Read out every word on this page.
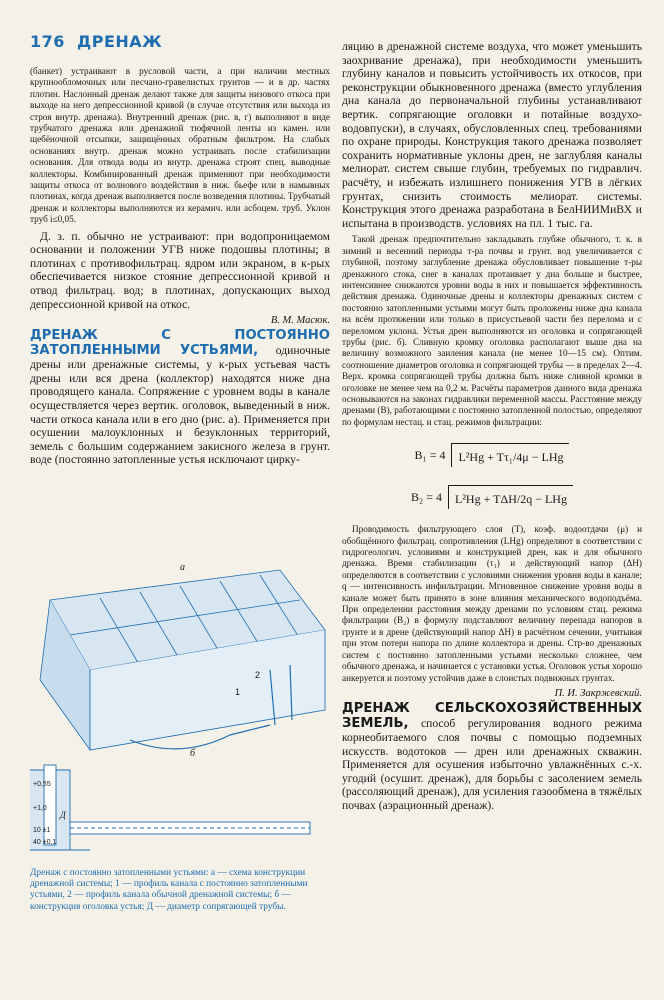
176 ДРЕНАЖ

(банкет) устраивают в русловой части, а при наличии местных крупнообломочных или песчано-гравелистых грунтов — и в др. частях плотин. Наслонный дренаж делают также для защиты низового откоса при выходе на него депрессионной кривой (в случае отсутствия или выхода из строя внутр. дренажа). Внутренний дренаж (рис. в, г) выполняют в виде трубчатого дренажа или дренажной тюфячной ленты из камен. или щебёночной отсыпки, защищённых обратным фильтром. На слабых основаниях внутр. дренаж можно устраивать после стабилизации основания. Для отвода воды из внутр. дренажа строят спец. выводные коллекторы. Комбинированный дренаж применяют при необходимости защиты откоса от волнового воздействия в ниж. бьефе или в намывных плотинах, когда дренаж выполняется после возведения плотины. Трубчатый дренаж и коллекторы выполняются из керамич. или асбоцем. труб. Уклон труб i≤0,05.

Д. з. п. обычно не устраивают: при водопроницаемом основании и положении УГВ ниже подошвы плотины; в плотинах с противофильтрац. ядром или экраном, в к-рых обеспечивается низкое стояние депрессионной кривой и отвод фильтрац. вод; в плотинах, допускающих выход депрессионной кривой на откос.

В. М. Масюк.

ДРЕНАЖ С ПОСТОЯННО ЗАТОПЛЕННЫМИ УСТЬЯМИ, одиночные дрены или дренажные системы, у к-рых устьевая часть дрены или вся дрена (коллектор) находятся ниже дна проводящего канала. Сопряжение с уровнем воды в канале осуществляется через вертик. оголовок, выведенный в ниж. части откоса канала или в его дно (рис. а). Применяется при осушении малоуклонных и безуклонных территорий, земель с большим содержанием закисного железа в грунт. воде (постоянно затопленные устья исключают цирку-

а
1
2
б
+0,55
+1,0
10 ±1
40 ±0,1
Д
Дренаж с постоянно затопленными устьями: а — схема конструкции дренажной системы; 1 — профиль канала с постоянно затопленными устьями, 2 — профиль канала обычной дренажной системы; б — конструкция оголовка устья; Д — диаметр сопрягающей трубы.

ляцию в дренажной системе воздуха, что может уменьшить заохривание дренажа), при необходимости уменьшить глубину каналов и повысить устойчивость их откосов, при реконструкции обыкновенного дренажа (вместо углубления дна канала до первоначальной глубины устанавливают вертик. сопрягающие оголовки и потайные воздухо-водовпуски), в случаях, обусловленных спец. требованиями по охране природы. Конструкция такого дренажа позволяет сохранить нормативные уклоны дрен, не заглубляя каналы мелиорат. систем свыше глубин, требуемых по гидравлич. расчёту, и избежать излишнего понижения УГВ в лёгких грунтах, снизить стоимость мелиорат. системы. Конструкция этого дренажа разработана в БелНИИМиВХ и испытана в производств. условиях на пл. 1 тыс. га.

Такой дренаж предпочтительно закладывать глубже обычного, т. к. в зимний и весенний периоды т-ра почвы и грунт. вод увеличивается с глубиной, поэтому заглубление дренажа обусловливает повышение т-ры дренажного стока, снег в каналах протаивает у дна больше и быстрее, интенсивнее снижаются уровни воды в них и повышается эффективность действия дренажа. Одиночные дрены и коллекторы дренажных систем с постоянно затопленными устьями могут быть проложены ниже дна канала на всём протяжении или только в присустьевой части без перелома и с переломом уклона. Устья дрен выполняются из оголовка и сопрягающей трубы (рис. б). Сливную кромку оголовка располагают выше дна на величину возможного заиления канала (не менее 10—15 см). Оптим. соотношение диаметров оголовка и сопрягающей трубы — в пределах 2—4. Верх. кромка сопрягающей трубы должна быть ниже сливной кромки в оголовке не менее чем на 0,2 м. Расчёты параметров данного вида дренажа основываются на законах гидравлики переменной массы. Расстояние между дренами (B), работающими с постоянно затопленной полостью, определяют по формулам нестац. и стац. режимов фильтрации:

B₁ = 4	L²Hg + Tτ₁/4μ − LHg
B₂ = 4	L²Hg + TΔH/2q − LHg

Проводимость фильтрующего слоя (T), коэф. водоотдачи (μ) и обобщённого фильтрац. сопротивления (LHg) определяют в соответствии с гидрогеологич. условиями и конструкцией дрен, как и для обычного дренажа. Время стабилизации (τ₁) и действующий напор (ΔH) определяются в соответствии с условиями снижения уровня воды в канале; q — интенсивность инфильтрации. Мгновенное снижение уровня воды в канале может быть принято в зоне влияния механического водоподъёма. При определении расстояния между дренами по условиям стац. режима фильтрации (B₂) в формулу подставляют величину перепада напоров в грунте и в дрене (действующий напор ΔH) в расчётном сечении, учитывая при этом потери напора по длине коллектора и дрены. Стр-во дренажных систем с постоянно затопленными устьями несколько сложнее, чем обычного дренажа, и начинается с установки устья. Оголовок устья хорошо анкеруется и поэтому устойчив даже в слоистых подвижных грунтах.

П. И. Закржевский.

ДРЕНАЖ СЕЛЬСКОХОЗЯЙСТВЕННЫХ ЗЕМЕЛЬ, способ регулирования водного режима корнеобитаемого слоя почвы с помощью подземных искусств. водотоков — дрен или дренажных скважин. Применяется для осушения избыточно увлажнённых с.-х. угодий (осушит. дренаж), для борьбы с засолением земель (рассоляющий дренаж), для усиления газообмена в тяжёлых почвах (аэрационный дренаж).
